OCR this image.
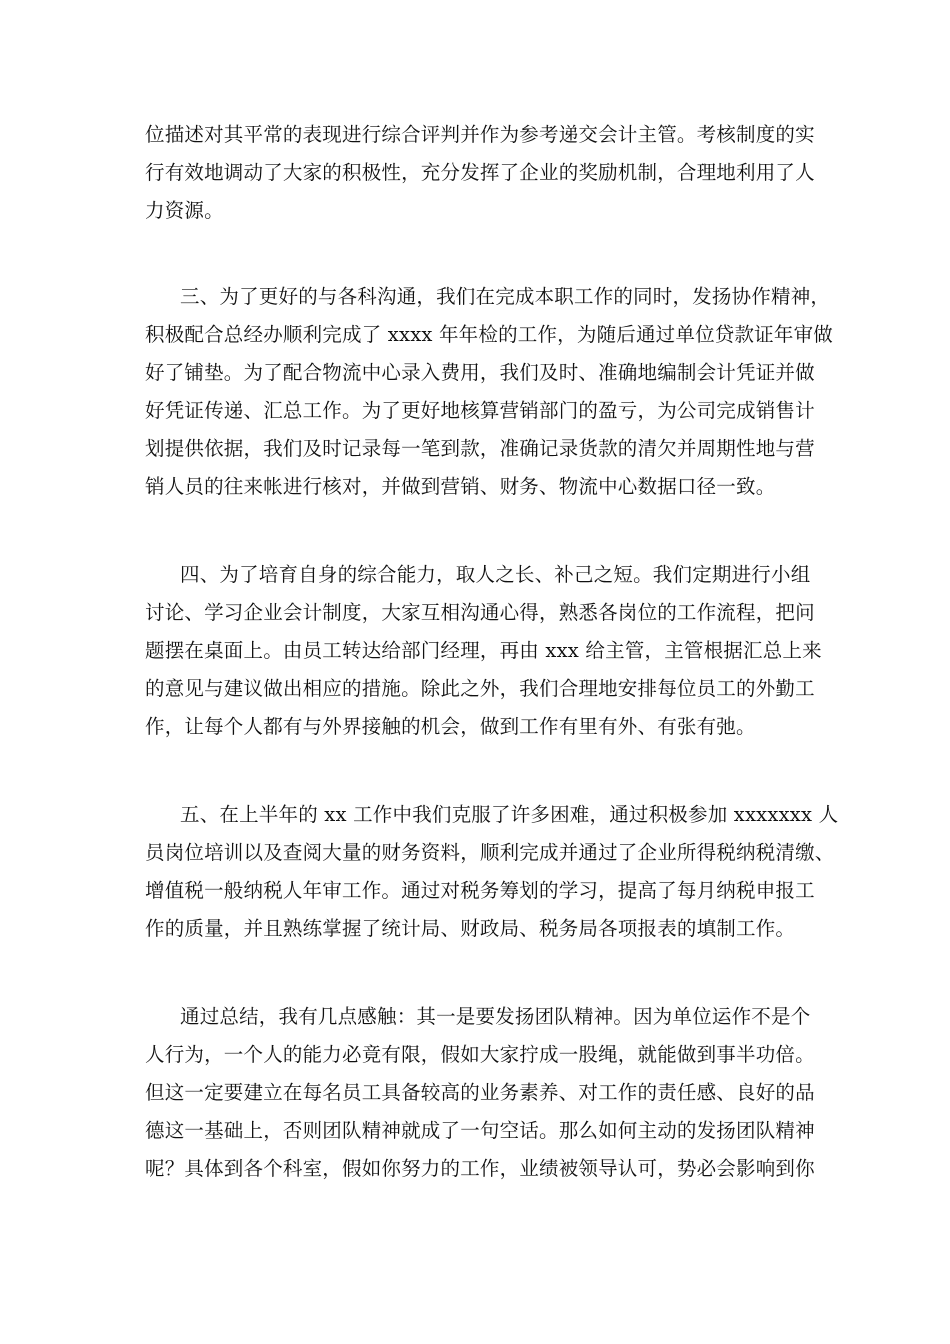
位描述对其平常的表现进行综合评判并作为参考递交会计主管。考核制度的实

行有效地调动了大家的积极性，充分发挥了企业的奖励机制，合理地利用了人

力资源。

三、为了更好的与各科沟通，我们在完成本职工作的同时，发扬协作精神，

积极配合总经办顺利完成了 xxxx 年年检的工作，为随后通过单位贷款证年审做

好了铺垫。为了配合物流中心录入费用，我们及时、准确地编制会计凭证并做

好凭证传递、汇总工作。为了更好地核算营销部门的盈亏，为公司完成销售计

划提供依据，我们及时记录每一笔到款，准确记录货款的清欠并周期性地与营

销人员的往来帐进行核对，并做到营销、财务、物流中心数据口径一致。

四、为了培育自身的综合能力，取人之长、补己之短。我们定期进行小组

讨论、学习企业会计制度，大家互相沟通心得，熟悉各岗位的工作流程，把问

题摆在桌面上。由员工转达给部门经理，再由 xxx 给主管，主管根据汇总上来

的意见与建议做出相应的措施。除此之外，我们合理地安排每位员工的外勤工

作，让每个人都有与外界接触的机会，做到工作有里有外、有张有弛。

五、在上半年的 xx 工作中我们克服了许多困难，通过积极参加 xxxxxxx 人

员岗位培训以及查阅大量的财务资料，顺利完成并通过了企业所得税纳税清缴、

增值税一般纳税人年审工作。通过对税务筹划的学习，提高了每月纳税申报工

作的质量，并且熟练掌握了统计局、财政局、税务局各项报表的填制工作。

通过总结，我有几点感触：其一是要发扬团队精神。因为单位运作不是个

人行为，一个人的能力必竟有限，假如大家拧成一股绳，就能做到事半功倍。

但这一定要建立在每名员工具备较高的业务素养、对工作的责任感、良好的品

德这一基础上，否则团队精神就成了一句空话。那么如何主动的发扬团队精神

呢？具体到各个科室，假如你努力的工作，业绩被领导认可，势必会影响到你
